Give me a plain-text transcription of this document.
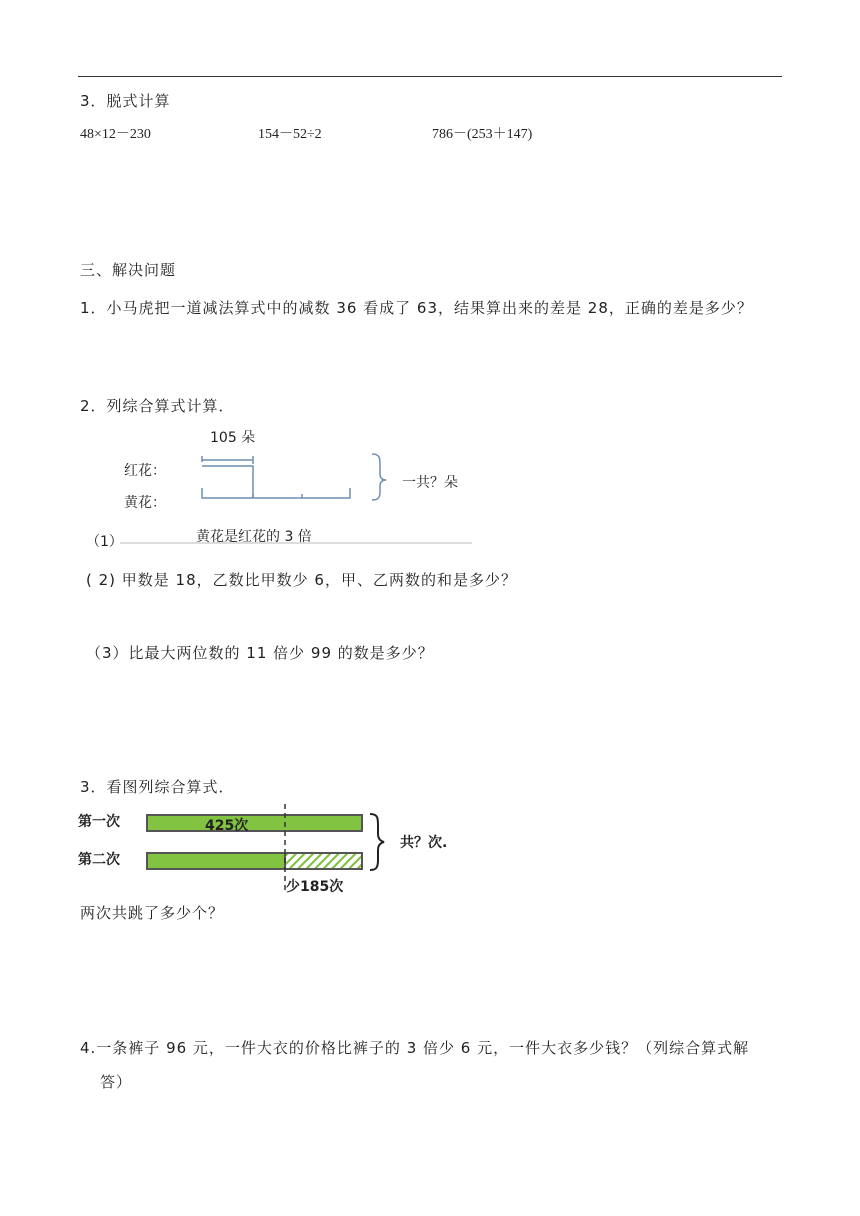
3．脱式计算
48×12－230	154－52÷2	786－(253＋147)
三、解决问题
1．小马虎把一道减法算式中的减数 36 看成了 63，结果算出来的差是 28，正确的差是多少？
2．列综合算式计算．
105 朵
红花：
黄花：
一共？朵
黄花是红花的 3 倍
（1）
( 2) 甲数是 18，乙数比甲数少 6，甲、乙两数的和是多少？
（3）比最大两位数的 11 倍少 99 的数是多少？
3．看图列综合算式．
第一次
第二次
425次
少185次
共？次.
两次共跳了多少个？
4.一条裤子 96 元，一件大衣的价格比裤子的 3 倍少 6 元，一件大衣多少钱？（列综合算式解
答）
